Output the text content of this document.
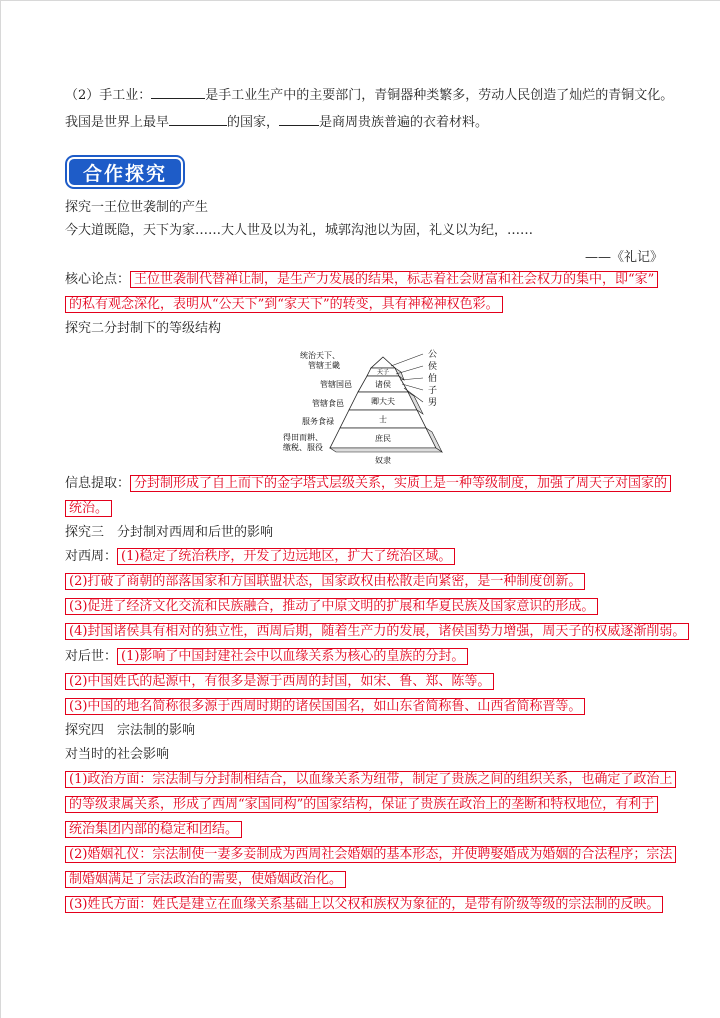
（2）手工业：	是手工业生产中的主要部门，青铜器种类繁多，劳动人民创造了灿烂的青铜文化。
我国是世界上最早	的国家，	是商周贵族普遍的衣着材料。
合作探究
探究一王位世袭制的产生
今大道既隐，天下为家……大人世及以为礼，城郭沟池以为固，礼义以为纪，……
——《礼记》
核心论点： 王位世袭制代替禅让制，是生产力发展的结果，标志着社会财富和社会权力的集中，即“家”
的私有观念深化，表明从“公天下”到“家天下”的转变，具有神秘神权色彩。
探究二分封制下的等级结构
统治天下、
管辖王畿
管辖国邑
管辖食邑
服务食禄
得田而耕、
缴税、服役
天子
诸侯
卿大夫
士
庶民
奴隶
公
侯
伯
子
男
信息提取： 分封制形成了自上而下的金字塔式层级关系，实质上是一种等级制度，加强了周天子对国家的
统治。
探究三　分封制对西周和后世的影响
对西周： (1)稳定了统治秩序，开发了边远地区，扩大了统治区域。
(2)打破了商朝的部落国家和方国联盟状态，国家政权由松散走向紧密，是一种制度创新。
(3)促进了经济文化交流和民族融合，推动了中原文明的扩展和华夏民族及国家意识的形成。
(4)封国诸侯具有相对的独立性，西周后期，随着生产力的发展，诸侯国势力增强，周天子的权威逐渐削弱。
对后世： (1)影响了中国封建社会中以血缘关系为核心的皇族的分封。
(2)中国姓氏的起源中，有很多是源于西周的封国，如宋、鲁、郑、陈等。
(3)中国的地名简称很多源于西周时期的诸侯国国名，如山东省简称鲁、山西省简称晋等。
探究四　宗法制的影响
对当时的社会影响
(1)政治方面：宗法制与分封制相结合，以血缘关系为纽带，制定了贵族之间的组织关系，也确定了政治上
的等级隶属关系，形成了西周“家国同构”的国家结构，保证了贵族在政治上的垄断和特权地位，有利于
统治集团内部的稳定和团结。
(2)婚姻礼仪：宗法制使一妻多妾制成为西周社会婚姻的基本形态，并使聘娶婚成为婚姻的合法程序；宗法
制婚姻满足了宗法政治的需要，使婚姻政治化。
(3)姓氏方面：姓氏是建立在血缘关系基础上以父权和族权为象征的，是带有阶级等级的宗法制的反映。
